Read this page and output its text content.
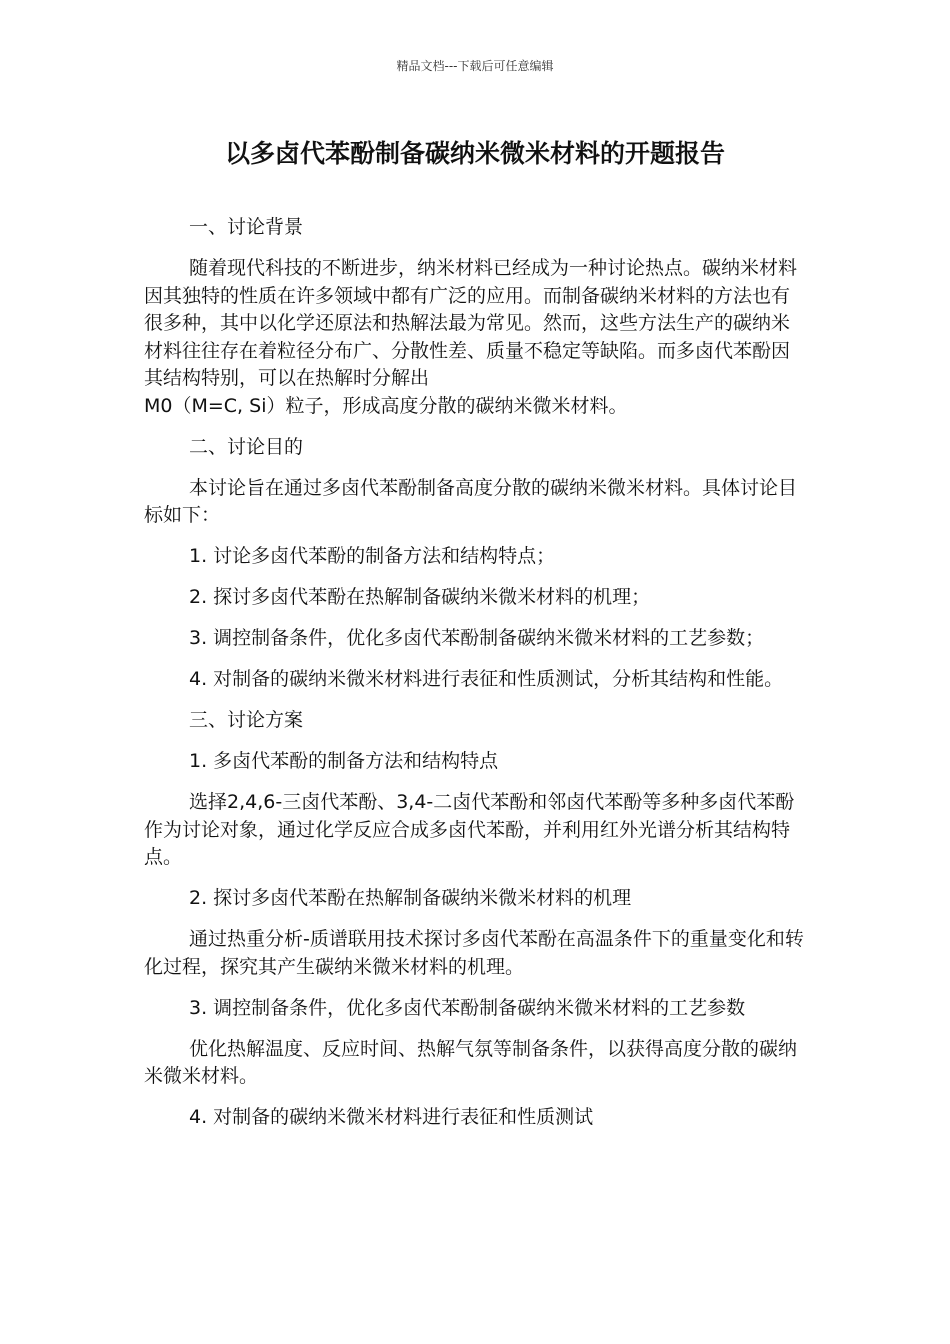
精品文档---下载后可任意编辑
以多卤代苯酚制备碳纳米微米材料的开题报告

一、讨论背景

随着现代科技的不断进步，纳米材料已经成为一种讨论热点。碳纳米材料因其独特的性质在许多领域中都有广泛的应用。而制备碳纳米材料的方法也有很多种，其中以化学还原法和热解法最为常见。然而，这些方法生产的碳纳米材料往往存在着粒径分布广、分散性差、质量不稳定等缺陷。而多卤代苯酚因其结构特别，可以在热解时分解出

M0（M=C, Si）粒子，形成高度分散的碳纳米微米材料。

二、讨论目的

本讨论旨在通过多卤代苯酚制备高度分散的碳纳米微米材料。具体讨论目标如下：

1. 讨论多卤代苯酚的制备方法和结构特点；

2. 探讨多卤代苯酚在热解制备碳纳米微米材料的机理；

3. 调控制备条件，优化多卤代苯酚制备碳纳米微米材料的工艺参数；

4. 对制备的碳纳米微米材料进行表征和性质测试，分析其结构和性能。

三、讨论方案

1. 多卤代苯酚的制备方法和结构特点

选择2,4,6-三卤代苯酚、3,4-二卤代苯酚和邻卤代苯酚等多种多卤代苯酚作为讨论对象，通过化学反应合成多卤代苯酚，并利用红外光谱分析其结构特点。

2. 探讨多卤代苯酚在热解制备碳纳米微米材料的机理

通过热重分析-质谱联用技术探讨多卤代苯酚在高温条件下的重量变化和转化过程，探究其产生碳纳米微米材料的机理。

3. 调控制备条件，优化多卤代苯酚制备碳纳米微米材料的工艺参数

优化热解温度、反应时间、热解气氛等制备条件，以获得高度分散的碳纳米微米材料。

4. 对制备的碳纳米微米材料进行表征和性质测试
